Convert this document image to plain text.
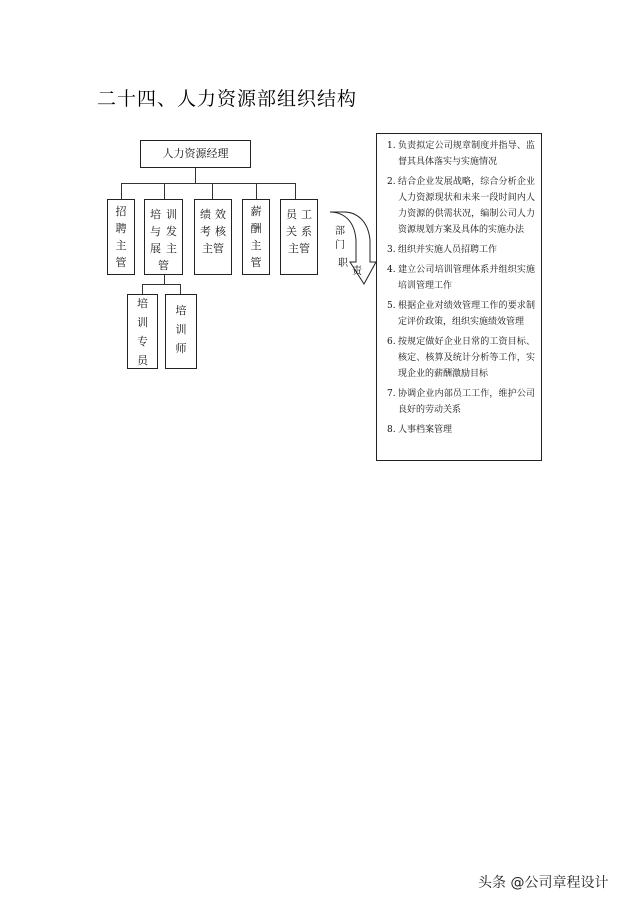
二十四、人力资源部组织结构
人力资源经理
招
聘
主
管
培
与
展
训
发
主
管
绩
考
效
核
主管
薪
酬
主
管
员
关
工
系
主管
培
训
专
员
培
训
师
部
门
职
责
1. 负责拟定公司规章制度并指导、监督其具体落实与实施情况
2. 结合企业发展战略，综合分析企业人力资源现状和未来一段时间内人力资源的供需状况，编制公司人力资源规划方案及具体的实施办法
3. 组织并实施人员招聘工作
4. 建立公司培训管理体系并组织实施培训管理工作
5. 根据企业对绩效管理工作的要求制定评价政策，组织实施绩效管理
6. 按规定做好企业日常的工资目标、核定、核算及统计分析等工作，实现企业的薪酬激励目标
7. 协调企业内部员工工作，维护公司良好的劳动关系
8. 人事档案管理
头条 @公司章程设计
